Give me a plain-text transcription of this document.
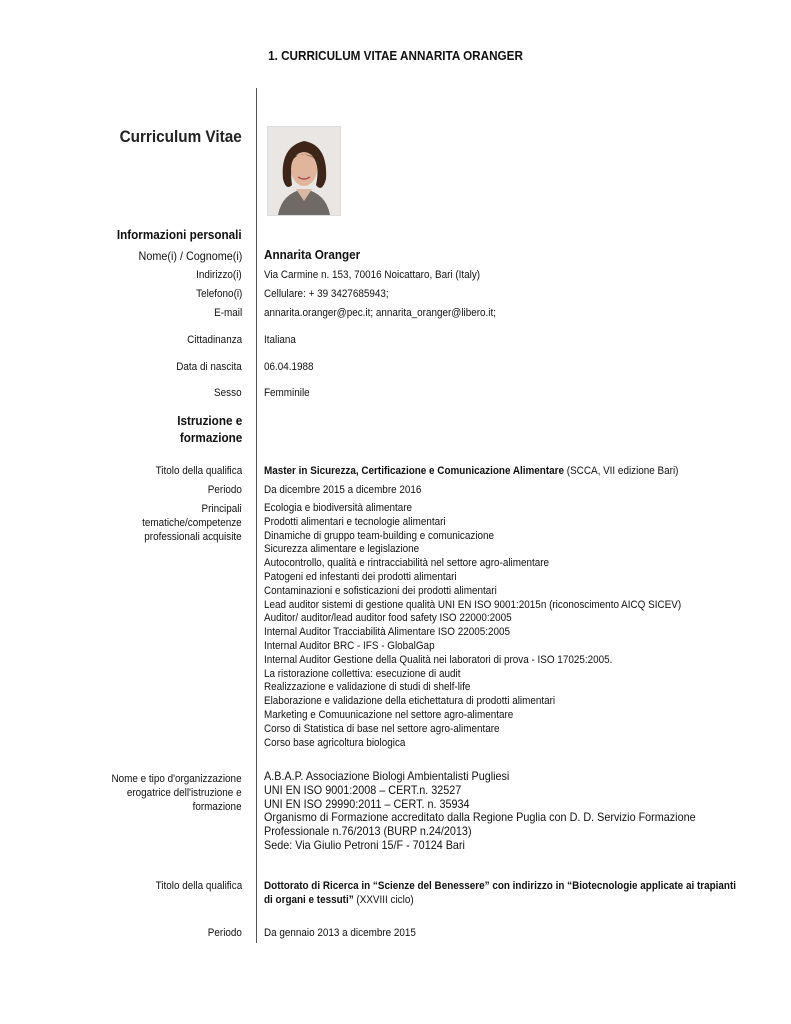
1. CURRICULUM VITAE ANNARITA ORANGER
Curriculum Vitae
Informazioni personali
Nome(i) / Cognome(i) Annarita Oranger
Indirizzo(i) Via Carmine n. 153, 70016 Noicattaro, Bari (Italy)
Telefono(i) Cellulare: + 39 3427685943;
E-mail annarita.oranger@pec.it; annarita_oranger@libero.it;
Cittadinanza Italiana
Data di nascita 06.04.1988
Sesso Femminile
Istruzione e
formazione
Titolo della qualifica Master in Sicurezza, Certificazione e Comunicazione Alimentare (SCCA, VII edizione Bari)
Periodo Da dicembre 2015 a dicembre 2016
Principali
tematiche/competenze
professionali acquisite
Ecologia e biodiversità alimentare
Prodotti alimentari e tecnologie alimentari
Dinamiche di gruppo team-building e comunicazione
Sicurezza alimentare e legislazione
Autocontrollo, qualità e rintracciabilità nel settore agro-alimentare
Patogeni ed infestanti dei prodotti alimentari
Contaminazioni e sofisticazioni dei prodotti alimentari
Lead auditor sistemi di gestione qualità UNI EN ISO 9001:2015n (riconoscimento AICQ SICEV)
Auditor/ auditor/lead auditor food safety ISO 22000:2005
Internal Auditor Tracciabilità Alimentare ISO 22005:2005
Internal Auditor BRC - IFS - GlobalGap
Internal Auditor Gestione della Qualità nei laboratori di prova - ISO 17025:2005.
La ristorazione collettiva: esecuzione di audit
Realizzazione e validazione di studi di shelf-life
Elaborazione e validazione della etichettatura di prodotti alimentari
Marketing e Comuunicazione nel settore agro-alimentare
Corso di Statistica di base nel settore agro-alimentare
Corso base agricoltura biologica
Nome e tipo d'organizzazione
erogatrice dell'istruzione e
formazione
A.B.A.P. Associazione Biologi Ambientalisti Pugliesi
UNI EN ISO 9001:2008 – CERT.n. 32527
UNI EN ISO 29990:2011 – CERT. n. 35934
Organismo di Formazione accreditato dalla Regione Puglia con D. D. Servizio Formazione
Professionale n.76/2013 (BURP n.24/2013)
Sede: Via Giulio Petroni 15/F - 70124 Bari
Titolo della qualifica Dottorato di Ricerca in “Scienze del Benessere” con indirizzo in “Biotecnologie applicate ai trapianti
di organi e tessuti” (XXVIII ciclo)
Periodo Da gennaio 2013 a dicembre 2015
